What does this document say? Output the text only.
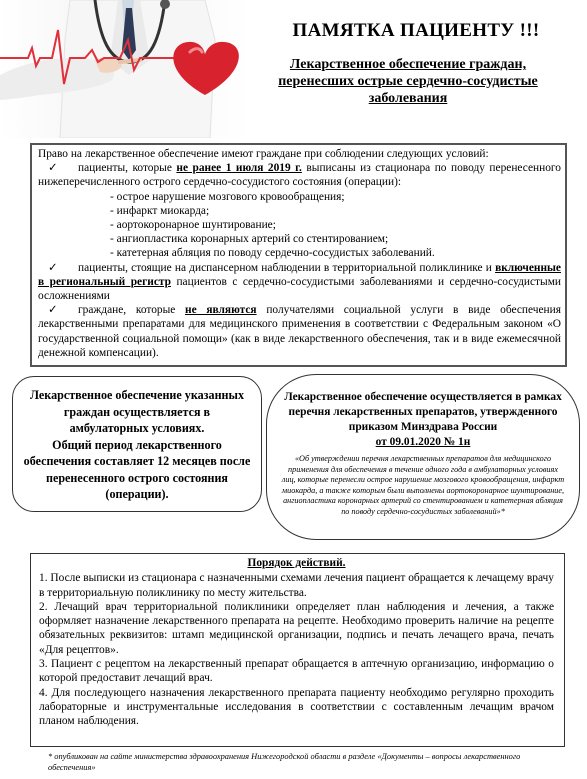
ПАМЯТКА ПАЦИЕНТУ !!!
Лекарственное обеспечение граждан, перенесших острые сердечно-сосудистые заболевания

Право на лекарственное обеспечение имеют граждане при соблюдении следующих условий:

✓ пациенты, которые не ранее 1 июля 2019 г. выписаны из стационара по поводу перенесенного нижеперечисленного острого сердечно-сосудистого состояния (операции):

- острое нарушение мозгового кровообращения;

- инфаркт миокарда;

- аортокоронарное шунтирование;

- ангиопластика коронарных артерий со стентированием;

- катетерная абляция по поводу сердечно-сосудистых заболеваний.

✓ пациенты, стоящие на диспансерном наблюдении в территориальной поликлинике и включенные в региональный регистр пациентов с сердечно-сосудистыми заболеваниями и сердечно-сосудистыми осложнениями

✓ граждане, которые не являются получателями социальной услуги в виде обеспечения лекарственными препаратами для медицинского применения в соответствии с Федеральным законом «О государственной социальной помощи» (как в виде лекарственного обеспечения, так и в виде ежемесячной денежной компенсации).

Лекарственное обеспечение указанных граждан осуществляется в амбулаторных условиях.
Общий период лекарственного обеспечения составляет 12 месяцев после перенесенного острого состояния (операции).
Лекарственное обеспечение осуществляется в рамках перечня лекарственных препаратов, утвержденного приказом Минздрава России
от 09.01.2020 № 1н
«Об утверждении перечня лекарственных препаратов для медицинского применения для обеспечения в течение одного года в амбулаторных условиях лиц, которые перенесли острое нарушение мозгового кровообращения, инфаркт миокарда, а также которым были выполнены аортокоронарное шунтирование, ангиопластика коронарных артерий со стентированием и катетерная абляция по поводу сердечно-сосудистых заболеваний»*
Порядок действий.

1. После выписки из стационара с назначенными схемами лечения пациент обращается к лечащему врачу в территориальную поликлинику по месту жительства.

2. Лечащий врач территориальной поликлиники определяет план наблюдения и лечения, а также оформляет назначение лекарственного препарата на рецепте. Необходимо проверить наличие на рецепте обязательных реквизитов: штамп медицинской организации, подпись и печать лечащего врача, печать «Для рецептов».

3. Пациент с рецептом на лекарственный препарат обращается в аптечную организацию, информацию о которой предоставит лечащий врач.

4. Для последующего назначения лекарственного препарата пациенту необходимо регулярно проходить лабораторные и инструментальные исследования в соответствии с составленным лечащим врачом планом наблюдения.

* опубликован на сайте министерства здравоохранения Нижегородской области в разделе «Документы – вопросы лекарственного обеспечения»
